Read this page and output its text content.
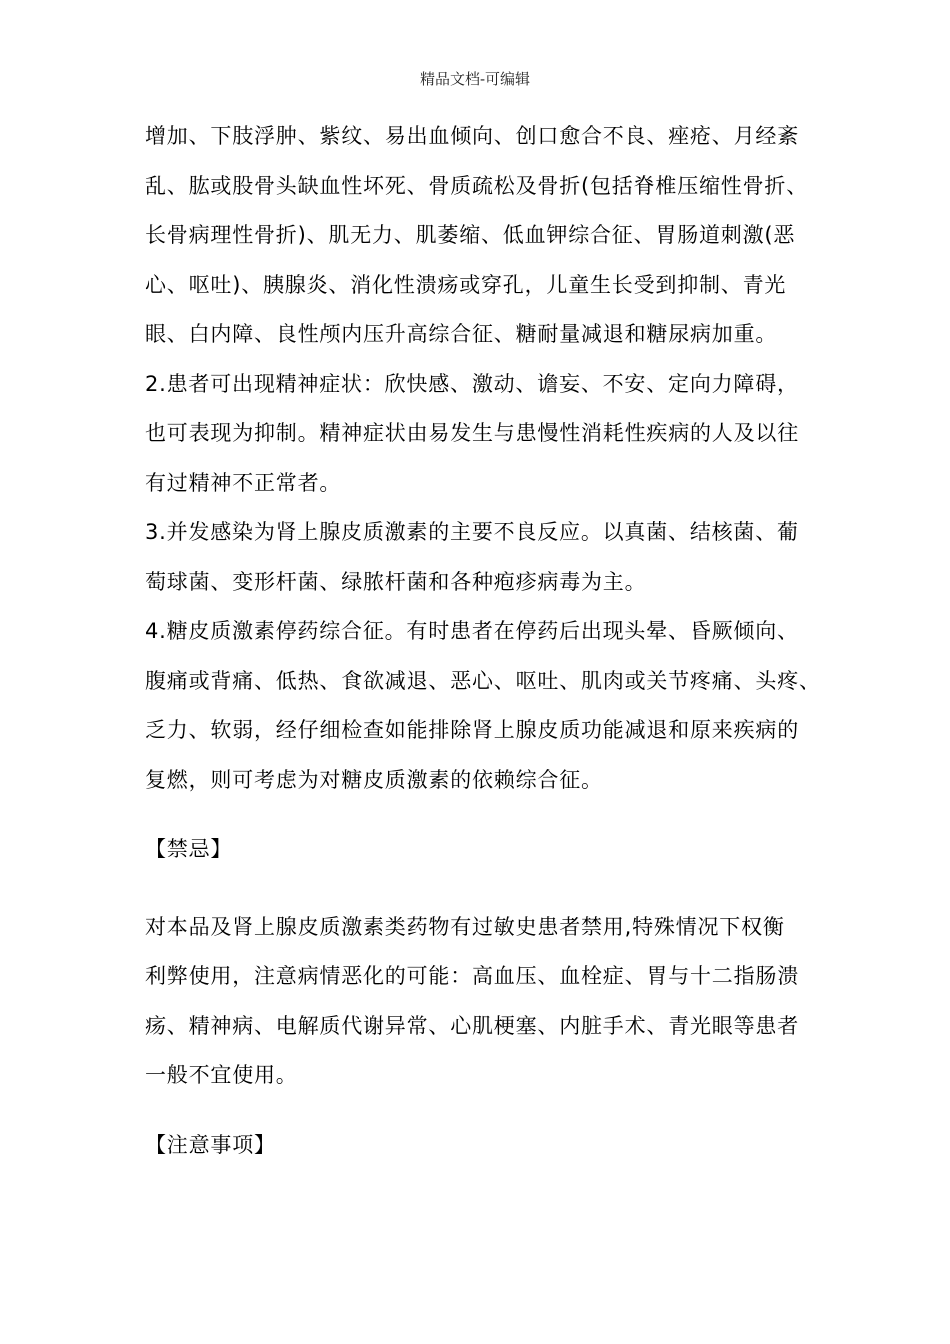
精品文档-可编辑

增加、下肢浮肿、紫纹、易出血倾向、创口愈合不良、痤疮、月经紊
乱、肱或股骨头缺血性坏死、骨质疏松及骨折(包括脊椎压缩性骨折、
长骨病理性骨折)、肌无力、肌萎缩、低血钾综合征、胃肠道刺激(恶
心、呕吐)、胰腺炎、消化性溃疡或穿孔，儿童生长受到抑制、青光
眼、白内障、良性颅内压升高综合征、糖耐量减退和糖尿病加重。

2.患者可出现精神症状：欣快感、激动、谵妄、不安、定向力障碍，
也可表现为抑制。精神症状由易发生与患慢性消耗性疾病的人及以往
有过精神不正常者。

3.并发感染为肾上腺皮质激素的主要不良反应。以真菌、结核菌、葡
萄球菌、变形杆菌、绿脓杆菌和各种疱疹病毒为主。

4.糖皮质激素停药综合征。有时患者在停药后出现头晕、昏厥倾向、
腹痛或背痛、低热、食欲减退、恶心、呕吐、肌肉或关节疼痛、头疼、
乏力、软弱，经仔细检查如能排除肾上腺皮质功能减退和原来疾病的
复燃，则可考虑为对糖皮质激素的依赖综合征。

【禁忌】

对本品及肾上腺皮质激素类药物有过敏史患者禁用,特殊情况下权衡
利弊使用，注意病情恶化的可能：高血压、血栓症、胃与十二指肠溃
疡、精神病、电解质代谢异常、心肌梗塞、内脏手术、青光眼等患者
一般不宜使用。

【注意事项】
